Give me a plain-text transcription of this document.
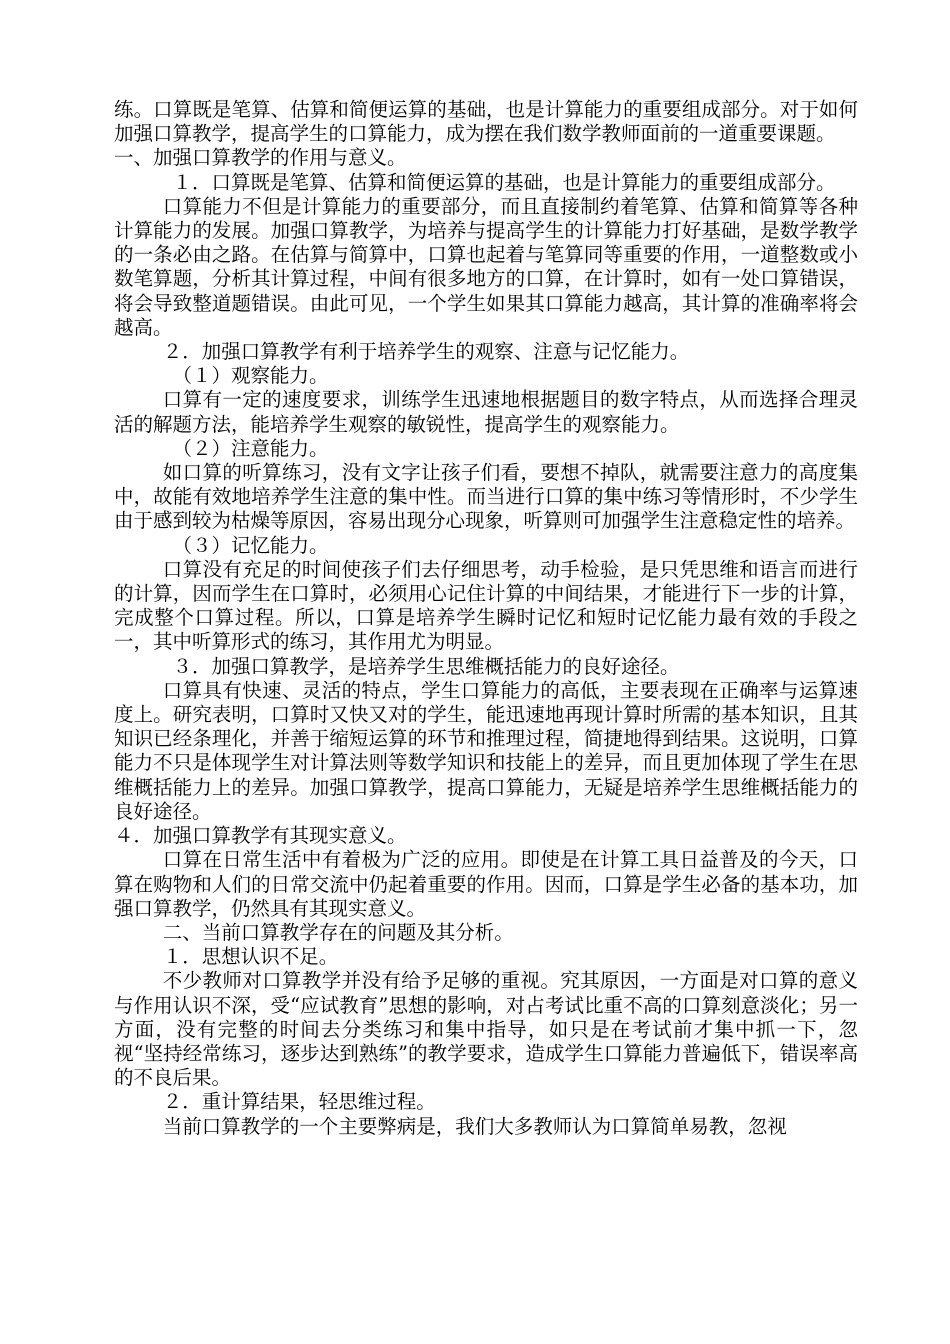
练。口算既是笔算、估算和简便运算的基础，也是计算能力的重要组成部分。对于如何加强口算教学，提高学生的口算能力，成为摆在我们数学教师面前的一道重要课题。

一、加强口算教学的作用与意义。

１．口算既是笔算、估算和简便运算的基础，也是计算能力的重要组成部分。

口算能力不但是计算能力的重要部分，而且直接制约着笔算、估算和简算等各种计算能力的发展。加强口算教学，为培养与提高学生的计算能力打好基础，是数学教学的一条必由之路。在估算与简算中，口算也起着与笔算同等重要的作用，一道整数或小数笔算题，分析其计算过程，中间有很多地方的口算，在计算时，如有一处口算错误，将会导致整道题错误。由此可见，一个学生如果其口算能力越高，其计算的准确率将会越高。

２．加强口算教学有利于培养学生的观察、注意与记忆能力。

（１）观察能力。

口算有一定的速度要求，训练学生迅速地根据题目的数字特点，从而选择合理灵活的解题方法，能培养学生观察的敏锐性，提高学生的观察能力。

（２）注意能力。

如口算的听算练习，没有文字让孩子们看，要想不掉队，就需要注意力的高度集中，故能有效地培养学生注意的集中性。而当进行口算的集中练习等情形时，不少学生由于感到较为枯燥等原因，容易出现分心现象，听算则可加强学生注意稳定性的培养。

（３）记忆能力。

口算没有充足的时间使孩子们去仔细思考，动手检验，是只凭思维和语言而进行的计算，因而学生在口算时，必须用心记住计算的中间结果，才能进行下一步的计算，完成整个口算过程。所以，口算是培养学生瞬时记忆和短时记忆能力最有效的手段之一，其中听算形式的练习，其作用尤为明显。

３．加强口算教学，是培养学生思维概括能力的良好途径。

口算具有快速、灵活的特点，学生口算能力的高低，主要表现在正确率与运算速度上。研究表明，口算时又快又对的学生，能迅速地再现计算时所需的基本知识，且其知识已经条理化，并善于缩短运算的环节和推理过程，简捷地得到结果。这说明，口算能力不只是体现学生对计算法则等数学知识和技能上的差异，而且更加体现了学生在思维概括能力上的差异。加强口算教学，提高口算能力，无疑是培养学生思维概括能力的良好途径。

４．加强口算教学有其现实意义。

口算在日常生活中有着极为广泛的应用。即使是在计算工具日益普及的今天，口算在购物和人们的日常交流中仍起着重要的作用。因而，口算是学生必备的基本功，加强口算教学，仍然具有其现实意义。

二、当前口算教学存在的问题及其分析。

１．思想认识不足。

不少教师对口算教学并没有给予足够的重视。究其原因，一方面是对口算的意义与作用认识不深，受“应试教育”思想的影响，对占考试比重不高的口算刻意淡化；另一方面，没有完整的时间去分类练习和集中指导，如只是在考试前才集中抓一下，忽视“坚持经常练习，逐步达到熟练”的教学要求，造成学生口算能力普遍低下，错误率高的不良后果。

２．重计算结果，轻思维过程。

当前口算教学的一个主要弊病是，我们大多教师认为口算简单易教，忽视
